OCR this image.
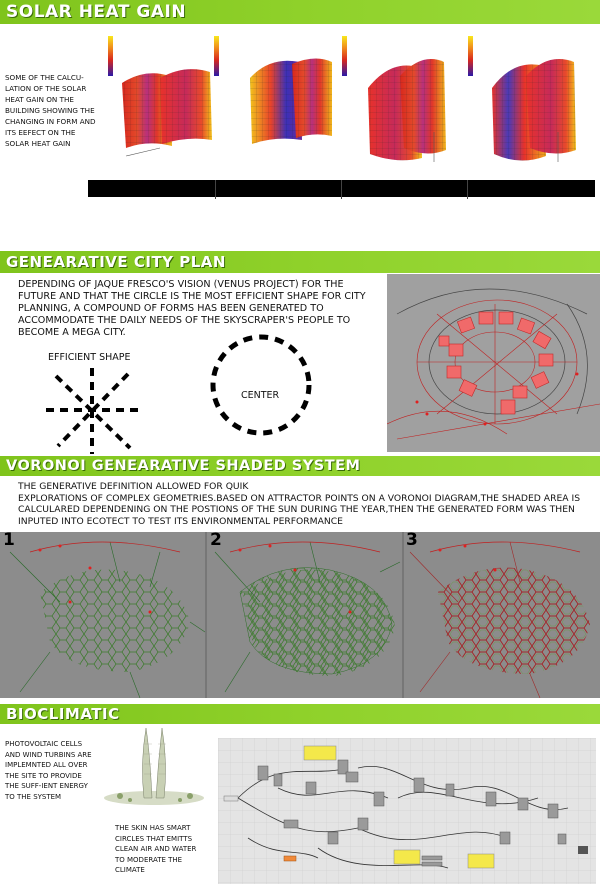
SOLAR HEAT GAIN
SOME OF THE CALCU-LATION OF THE SOLAR HEAT GAIN ON THE BUILDING SHOWING THE CHANGING IN FORM AND ITS EEFECT ON THE SOLAR HEAT GAIN
GENEARATIVE CITY PLAN
DEPENDING OF JAQUE FRESCO'S VISION (VENUS PROJECT) FOR THE FUTURE AND THAT THE CIRCLE IS THE MOST EFFICIENT SHAPE FOR CITY PLANNING, A COMPOUND OF FORMS HAS BEEN GENERATED TO ACCOMMODATE THE DAILY NEEDS OF THE SKYSCRAPER'S PEOPLE TO BECOME A MEGA CITY.
EFFICIENT SHAPE
CENTER
VORONOI GENEARATIVE SHADED SYSTEM
THE GENERATIVE DEFINITION ALLOWED FOR QUIK
EXPLORATIONS OF COMPLEX GEOMETRIES.BASED ON ATTRACTOR POINTS ON A VORONOI DIAGRAM,THE SHADED AREA IS CALCULARED DEPENDENING ON THE POSTIONS OF THE SUN DURING THE YEAR,THEN THE GENERATED FORM WAS THEN INPUTED INTO ECOTECT TO TEST ITS ENVIRONMENTAL PERFORMANCE
1	2	3
BIOCLIMATIC
PHOTOVOLTAIC CELLS AND WIND TURBINS ARE IMPLEMNTED ALL OVER THE SITE TO PROVIDE THE SUFF-IENT ENERGY TO THE SYSTEM
THE SKIN HAS SMART CIRCLES THAT EMITTS CLEAN AIR AND WATER TO MODERATE THE CLIMATE
